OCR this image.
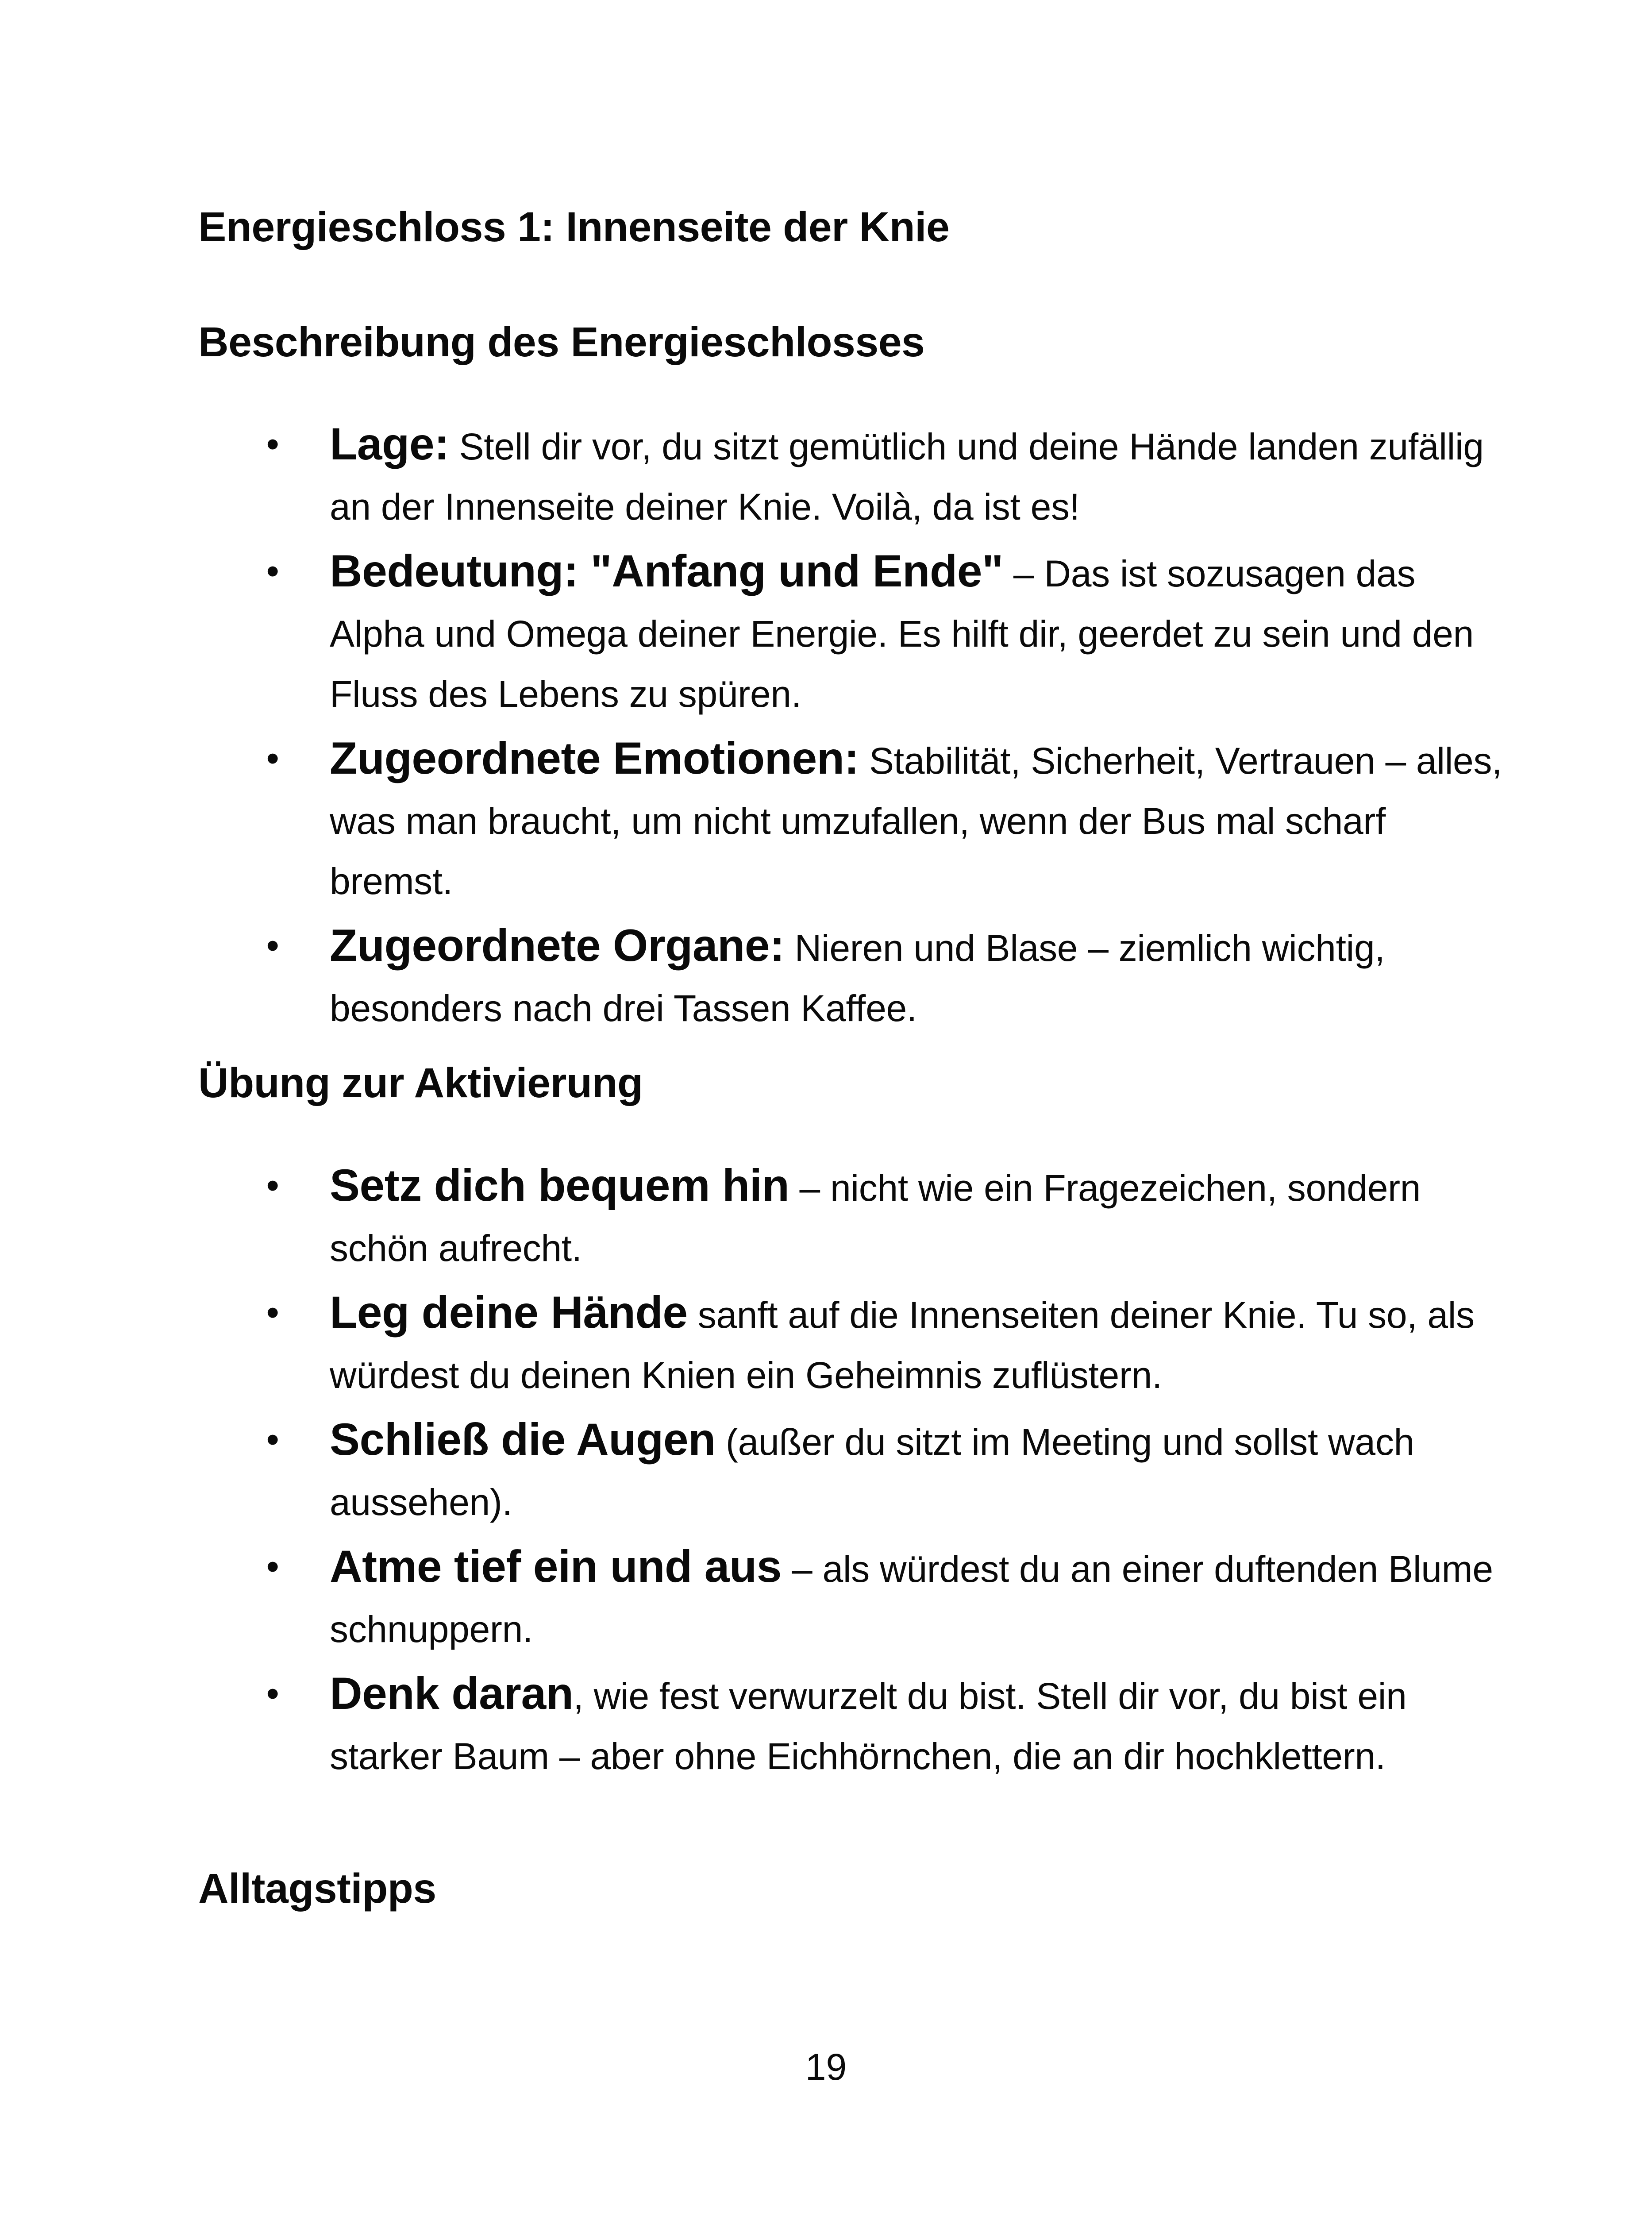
Energieschloss 1: Innenseite der Knie
Beschreibung des Energieschlosses
• Lage: Stell dir vor, du sitzt gemütlich und deine Hände landen zufällig an der Innenseite deiner Knie. Voilà, da ist es!
• Bedeutung: "Anfang und Ende" – Das ist sozusagen das Alpha und Omega deiner Energie. Es hilft dir, geerdet zu sein und den Fluss des Lebens zu spüren.
• Zugeordnete Emotionen: Stabilität, Sicherheit, Vertrauen – alles, was man braucht, um nicht umzufallen, wenn der Bus mal scharf bremst.
• Zugeordnete Organe: Nieren und Blase – ziemlich wichtig, besonders nach drei Tassen Kaffee.
Übung zur Aktivierung
• Setz dich bequem hin – nicht wie ein Fragezeichen, sondern schön aufrecht.
• Leg deine Hände sanft auf die Innenseiten deiner Knie. Tu so, als würdest du deinen Knien ein Geheimnis zuflüstern.
• Schließ die Augen (außer du sitzt im Meeting und sollst wach aussehen).
• Atme tief ein und aus – als würdest du an einer duftenden Blume schnuppern.
• Denk daran, wie fest verwurzelt du bist. Stell dir vor, du bist ein starker Baum – aber ohne Eichhörnchen, die an dir hochklettern.
Alltagstipps

19
